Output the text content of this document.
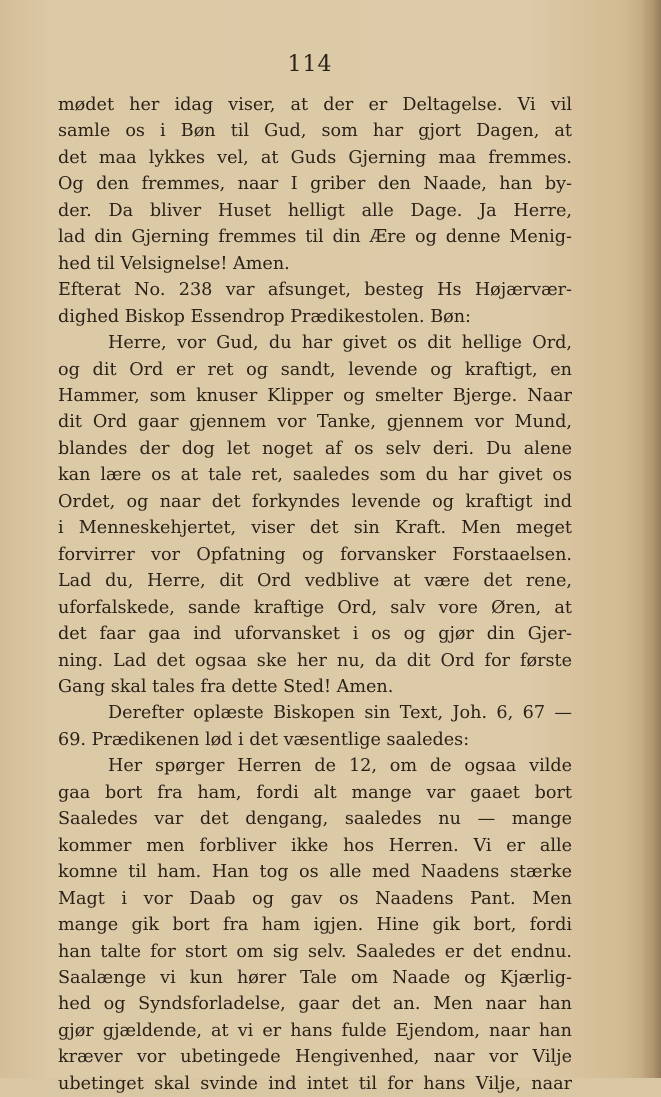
114
mødet her idag viser, at der er Deltagelse. Vi vil
samle os i Bøn til Gud, som har gjort Dagen, at
det maa lykkes vel, at Guds Gjerning maa fremmes.
Og den fremmes, naar I griber den Naade, han by-
der. Da bliver Huset helligt alle Dage. Ja Herre,
lad din Gjerning fremmes til din Ære og denne Menig-
hed til Velsignelse! Amen.
Efterat No. 238 var afsunget, besteg Hs Højærvær-
dighed Biskop Essendrop Prædikestolen. Bøn:
Herre, vor Gud, du har givet os dit hellige Ord,
og dit Ord er ret og sandt, levende og kraftigt, en
Hammer, som knuser Klipper og smelter Bjerge. Naar
dit Ord gaar gjennem vor Tanke, gjennem vor Mund,
blandes der dog let noget af os selv deri. Du alene
kan lære os at tale ret, saaledes som du har givet os
Ordet, og naar det forkyndes levende og kraftigt ind
i Menneskehjertet, viser det sin Kraft. Men meget
forvirrer vor Opfatning og forvansker Forstaaelsen.
Lad du, Herre, dit Ord vedblive at være det rene,
uforfalskede, sande kraftige Ord, salv vore Øren, at
det faar gaa ind uforvansket i os og gjør din Gjer-
ning. Lad det ogsaa ske her nu, da dit Ord for første
Gang skal tales fra dette Sted! Amen.
Derefter oplæste Biskopen sin Text, Joh. 6, 67 —
69. Prædikenen lød i det væsentlige saaledes:
Her spørger Herren de 12, om de ogsaa vilde
gaa bort fra ham, fordi alt mange var gaaet bort
Saaledes var det dengang, saaledes nu — mange
kommer men forbliver ikke hos Herren. Vi er alle
komne til ham. Han tog os alle med Naadens stærke
Magt i vor Daab og gav os Naadens Pant. Men
mange gik bort fra ham igjen. Hine gik bort, fordi
han talte for stort om sig selv. Saaledes er det endnu.
Saalænge vi kun hører Tale om Naade og Kjærlig-
hed og Syndsforladelse, gaar det an. Men naar han
gjør gjældende, at vi er hans fulde Ejendom, naar han
kræver vor ubetingede Hengivenhed, naar vor Vilje
ubetinget skal svinde ind intet til for hans Vilje, naar
